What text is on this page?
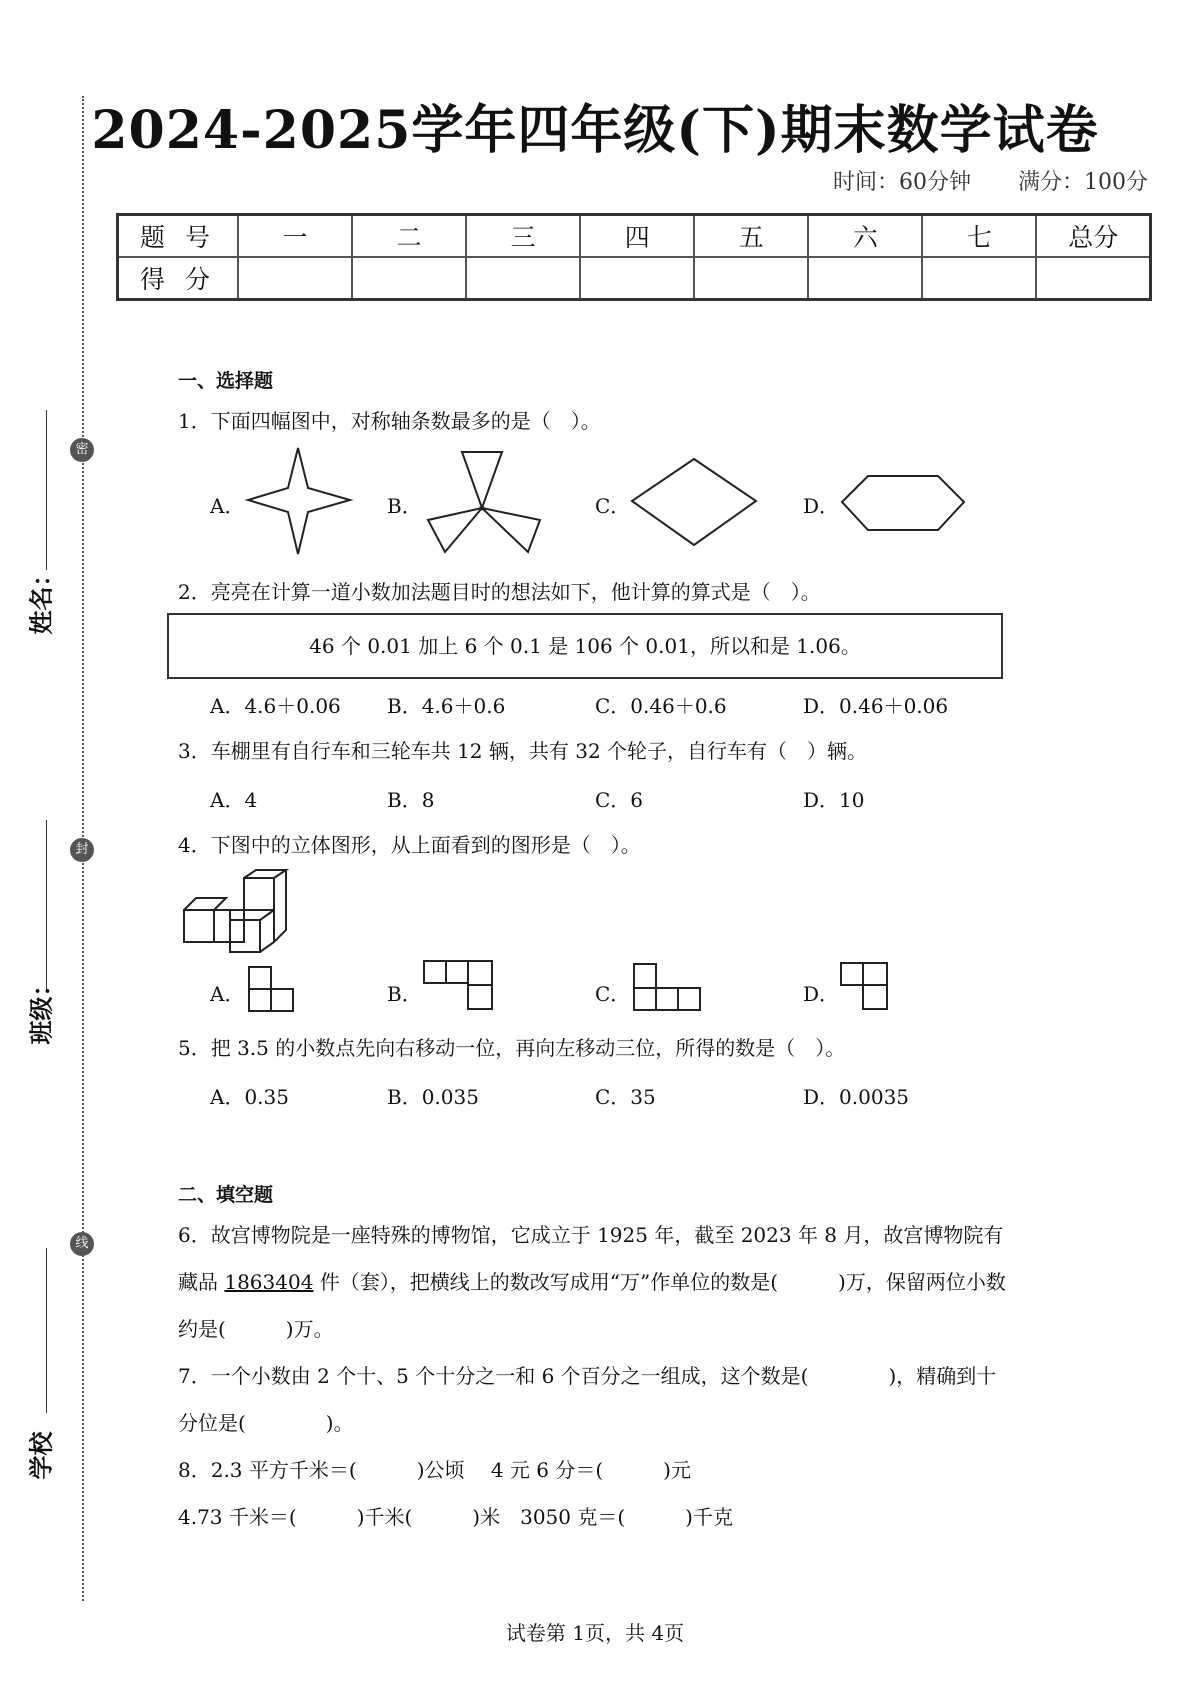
密
封
线
姓名：
班级：
学校
2024-2025学年四年级(下)期末数学试卷
时间：60分钟 满分：100分
题 号	一	二	三	四	五	六	七	总分
得 分								
一、选择题
1．下面四幅图中，对称轴条数最多的是（　）。
A．	B．	C．	D．
2．亮亮在计算一道小数加法题目时的想法如下，他计算的算式是（　）。
46 个 0.01 加上 6 个 0.1 是 106 个 0.01，所以和是 1.06。
A．4.6＋0.06 B．4.6＋0.6	C．0.46＋0.6	D．0.46＋0.06
3．车棚里有自行车和三轮车共 12 辆，共有 32 个轮子，自行车有（　）辆。
A．4	B．8	C．6	D．10
4．下图中的立体图形，从上面看到的图形是（　）。
A．	B．	C．	D．
5．把 3.5 的小数点先向右移动一位，再向左移动三位，所得的数是（　）。
A．0.35	B．0.035	C．35	D．0.0035
二、填空题
6．故宫博物院是一座特殊的博物馆，它成立于 1925 年，截至 2023 年 8 月，故宫博物院有
藏品 1863404 件（套），把横线上的数改写成用“万”作单位的数是(　　　)万，保留两位小数
约是(　　　)万。
7．一个小数由 2 个十、5 个十分之一和 6 个百分之一组成，这个数是(　　　　)，精确到十
分位是(　　　　)。
8．2.3 平方千米＝(　　　)公顷　 4 元 6 分＝(　　　)元
4.73 千米＝(　　　)千米(　　　)米　3050 克＝(　　　)千克
试卷第 1页，共 4页
